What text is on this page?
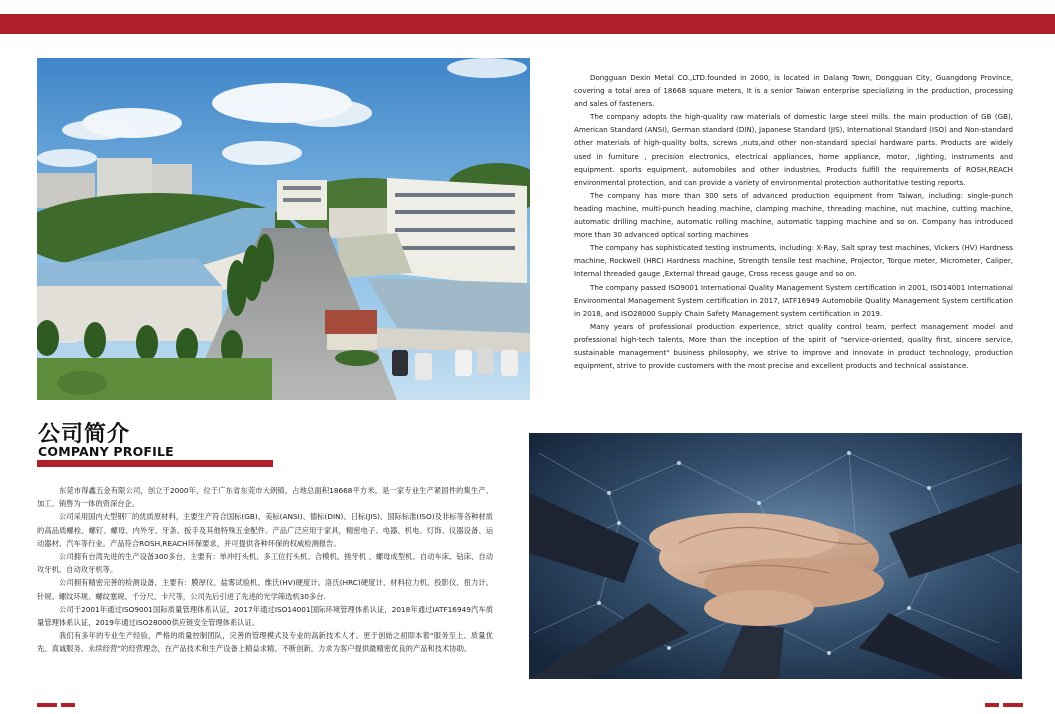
Dongguan Dexin Metal CO.,LTD.founded in 2000, is located in Dalang Town, Dongguan City, Guangdong Province, covering a total area of 18668 square meters, It is a senior Taiwan enterprise specializing in the production, processing and sales of fasteners.

The company adopts the high-quality raw materials of domestic large steel mills. the main production of GB (GB), American Standard (ANSI), German standard (DIN), Japanese Standard (JIS), International Standard (ISO) and Non-standard other materials of high-quality bolts, screws ,nuts,and other non-standard special hardware parts. Products are widely used in furniture , precision electronics, electrical appliances, home appliance, motor, ,lighting, instruments and equipment. sports equipment, automobiles and other industries, Products fulfill the requirements of ROSH,REACH environmental protection, and can provide a variety of environmental protection authoritative testing reports.

The company has more than 300 sets of advanced production equipment from Taiwan, including: single-punch heading machine, multi-punch heading machine, clamping machine, threading machine, nut machine, cutting machine, automatic drilling machine, automatic rolling machine, automatic tapping machine and so on. Company has introduced more than 30 advanced optical sorting machines

The company has sophisticated testing instruments, including: X-Ray, Salt spray test machines, Vickers (HV) Hardness machine, Rockwell (HRC) Hardness machine, Strength tensile test machine, Projector, Torque meter, Micrometer, Caliper, Internal threaded gauge ,External thread gauge, Cross recess gauge and so on.

The company passed ISO9001 International Quality Management System certification in 2001, ISO14001 International Environmental Management System certification in 2017, IATF16949 Automobile Quality Management System certification in 2018, and ISO28000 Supply Chain Safety Management system certification in 2019.

Many years of professional production experience, strict quality control team, perfect management model and professional high-tech talents, More than the inception of the spirit of "service-oriented, quality first, sincere service, sustainable management" business philosophy, we strive to improve and innovate in product technology, production equipment, strive to provide customers with the most precise and excellent products and technical assistance.

公司简介
COMPANY PROFILE

东莞市得鑫五金有限公司，创立于2000年，位于广东省东莞市大朗镇，占地总面积18668平方米，是一家专业生产紧固件的集生产、加工、销售为一体的资深台企。

公司采用国内大型钢厂的优质原材料，主要生产符合国标(GB)、美标(ANSI)、德标(DIN)、日标(JIS)、国际标准(ISO)及非标等各种材质的高品质螺栓、螺钉、螺母、内外牙、牙条、扳手及其他特殊五金配件。产品广泛应用于家具，精密电子、电器、机电、灯饰、仪器设备、运动器材、汽车等行业。产品符合ROSH,REACH环保要求，并可提供各种环保的权威检测报告。

公司拥有台湾先进的生产设备300多台，主要有：单冲打头机、多工位打头机、合模机、搓牙机 、螺母成型机、自动车床、钻床、自动攻牙机、自动攻牙机等。

公司拥有精密完善的检测设备，主要有：膜厚仪、盐雾试验机、维氏(HV)硬度计、洛氏(HRC)硬度计、材料拉力机、投影仪、扭力计、针规、螺纹环规、螺纹塞规、千分尺、卡尺等，公司先后引进了先进的光学筛选机30多台.

公司于2001年通过ISO9001国际质量管理体系认证，2017年通过ISO14001国际环境管理体系认证，2018年通过IATF16949汽车质量管理体系认证，2019年通过ISO28000供应链安全管理体系认证。

我们有多年的专业生产经验，严格的质量控制团队，完善的管理模式及专业的高新技术人才。更于创始之初即本着“服务至上、质量优先、真诚服务、永续经营”的经营理念，在产品技术和生产设备上精益求精、不断创新，力求为客户提供最精密优良的产品和技术协助。
